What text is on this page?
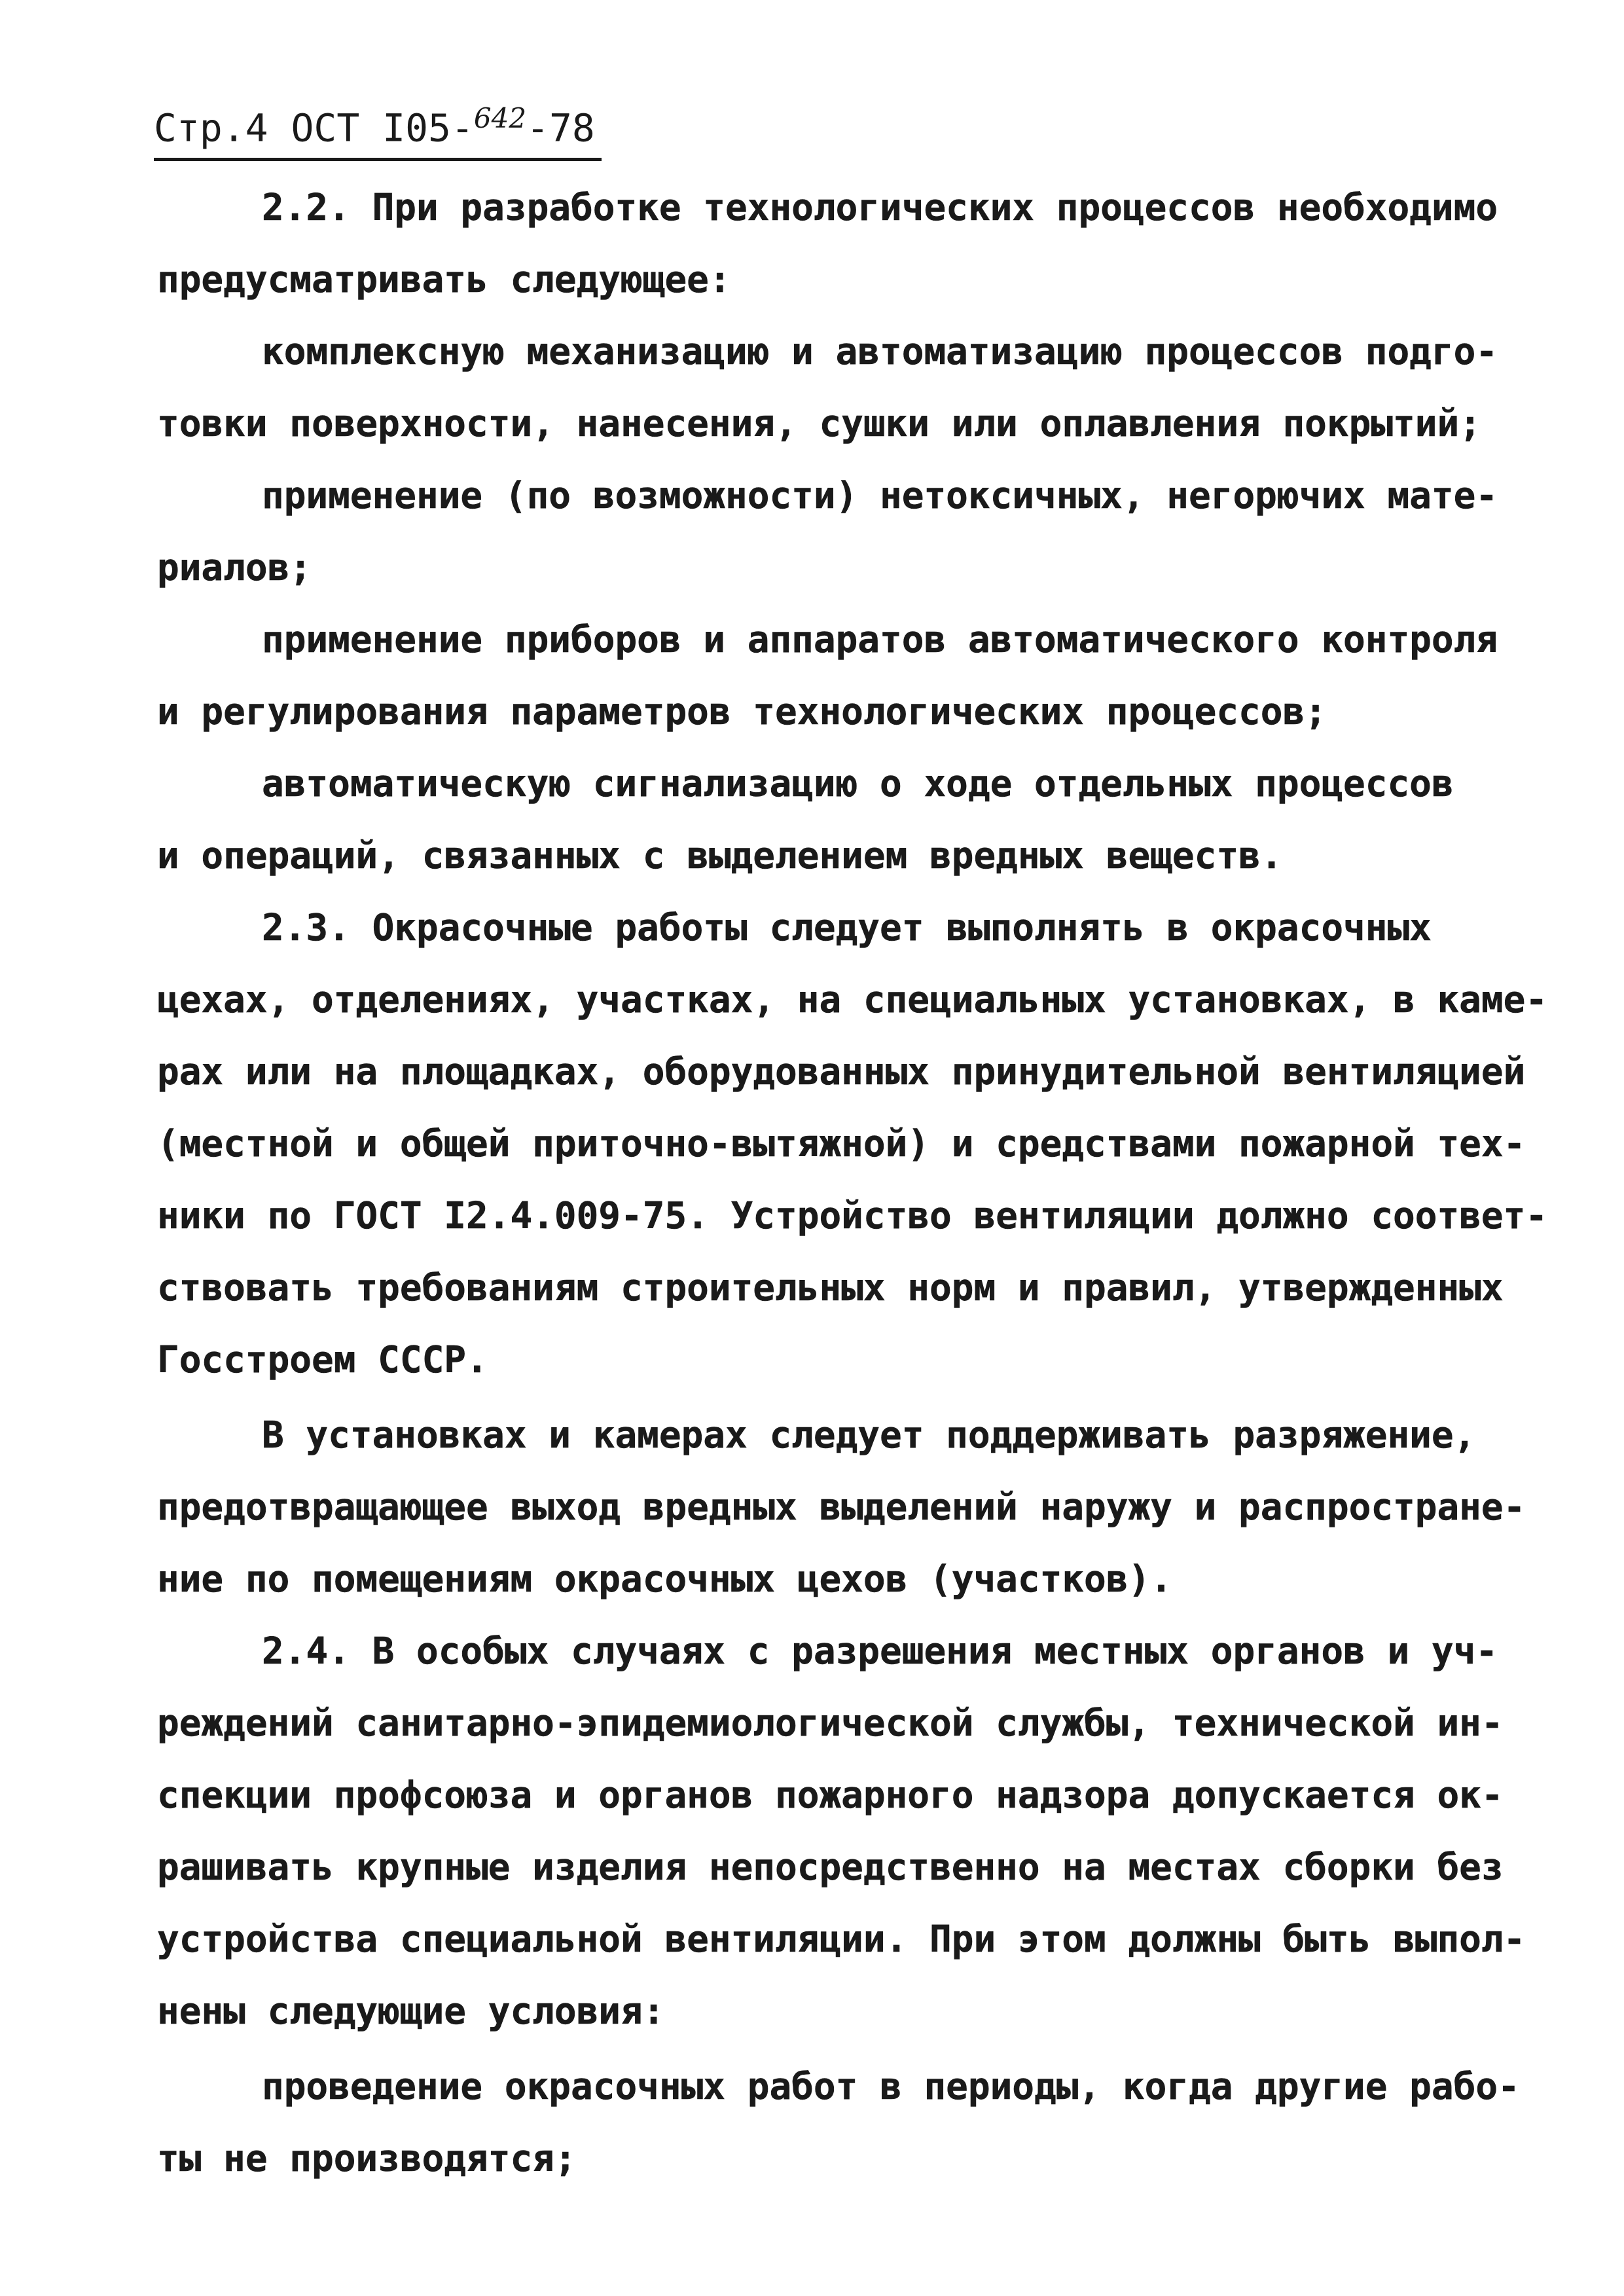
Стр.4 ОСТ I05-$^{642}$-78
2.2. При разработке технологических процессов необходимо
предусматривать следующее:
комплексную механизацию и автоматизацию процессов подго-
товки поверхности, нанесения, сушки или оплавления покрытий;
применение (по возможности) нетоксичных, негорючих мате-
риалов;
применение приборов и аппаратов автоматического контроля
и регулирования параметров технологических процессов;
автоматическую сигнализацию о ходе отдельных процессов
и операций, связанных с выделением вредных веществ.
2.3. Окрасочные работы следует выполнять в окрасочных
цехах, отделениях, участках, на специальных установках, в каме-
рах или на площадках, оборудованных принудительной вентиляцией
(местной и общей приточно-вытяжной) и средствами пожарной тех-
ники по ГОСТ I2.4.009-75. Устройство вентиляции должно соответ-
ствовать требованиям строительных норм и правил, утвержденных
Госстроем СССР.
В установках и камерах следует поддерживать разряжение,
предотвращающее выход вредных выделений наружу и распростране-
ние по помещениям окрасочных цехов (участков).
2.4. В особых случаях с разрешения местных органов и уч-
реждений санитарно-эпидемиологической службы, технической ин-
спекции профсоюза и органов пожарного надзора допускается ок-
рашивать крупные изделия непосредственно на местах сборки без
устройства специальной вентиляции. При этом должны быть выпол-
нены следующие условия:
проведение окрасочных работ в периоды, когда другие рабо-
ты не производятся;
